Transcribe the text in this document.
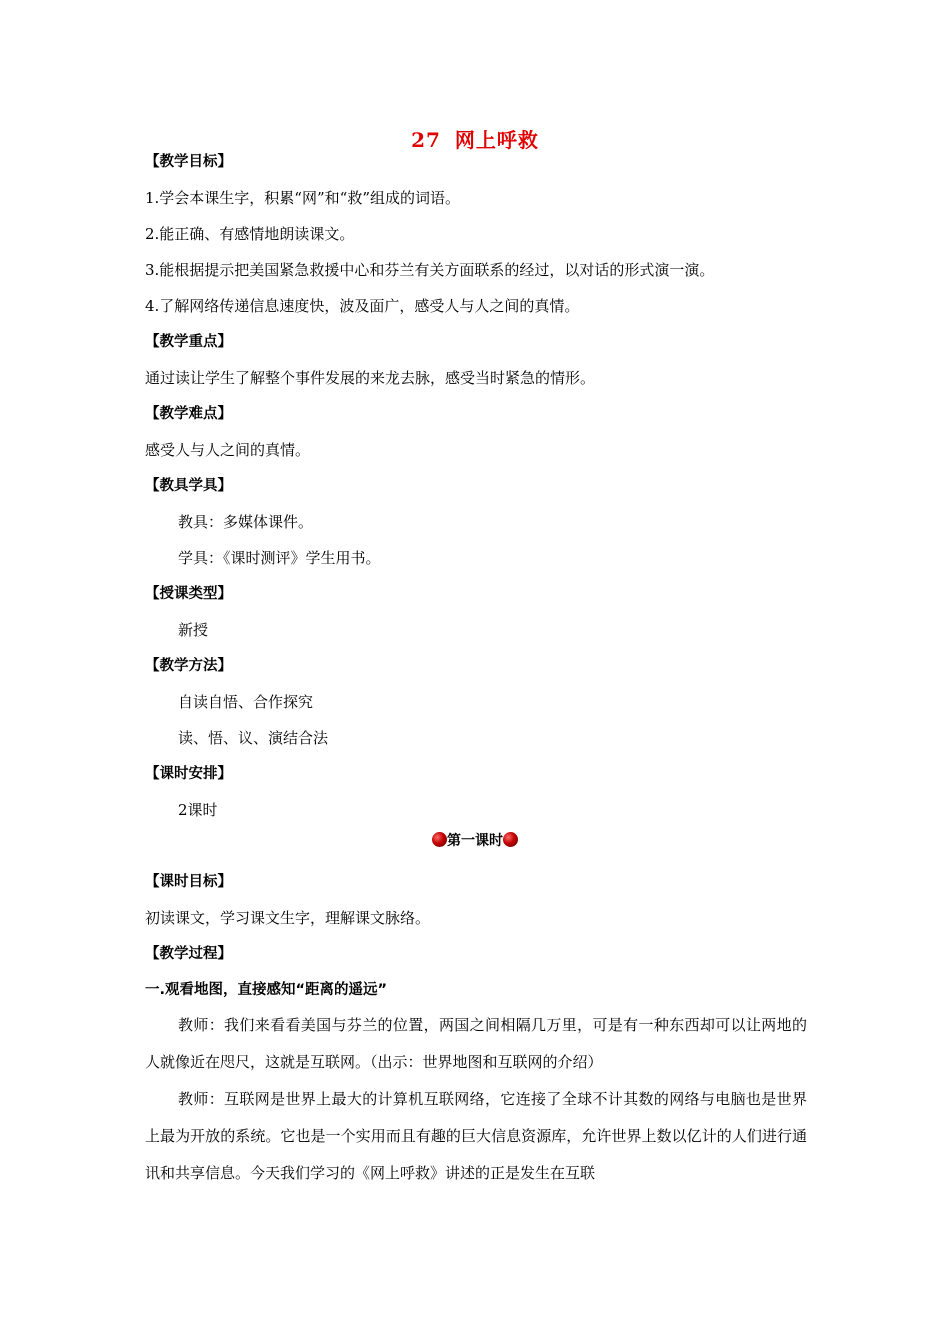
27 网上呼救
【教学目标】
1.学会本课生字，积累“网”和“救”组成的词语。
2.能正确、有感情地朗读课文。
3.能根据提示把美国紧急救援中心和芬兰有关方面联系的经过，以对话的形式演一演。
4.了解网络传递信息速度快，波及面广，感受人与人之间的真情。
【教学重点】
通过读让学生了解整个事件发展的来龙去脉，感受当时紧急的情形。
【教学难点】
感受人与人之间的真情。
【教具学具】
教具：多媒体课件。
学具：《课时测评》学生用书。
【授课类型】
新授
【教学方法】
自读自悟、合作探究
读、悟、议、演结合法
【课时安排】
2课时
第一课时
【课时目标】
初读课文，学习课文生字，理解课文脉络。
【教学过程】
一.观看地图，直接感知“距离的遥远”
教师：我们来看看美国与芬兰的位置，两国之间相隔几万里，可是有一种东西却可以让两地的人就像近在咫尺，这就是互联网。（出示：世界地图和互联网的介绍）
教师：互联网是世界上最大的计算机互联网络，它连接了全球不计其数的网络与电脑也是世界上最为开放的系统。它也是一个实用而且有趣的巨大信息资源库，允许世界上数以亿计的人们进行通讯和共享信息。今天我们学习的《网上呼救》讲述的正是发生在互联
